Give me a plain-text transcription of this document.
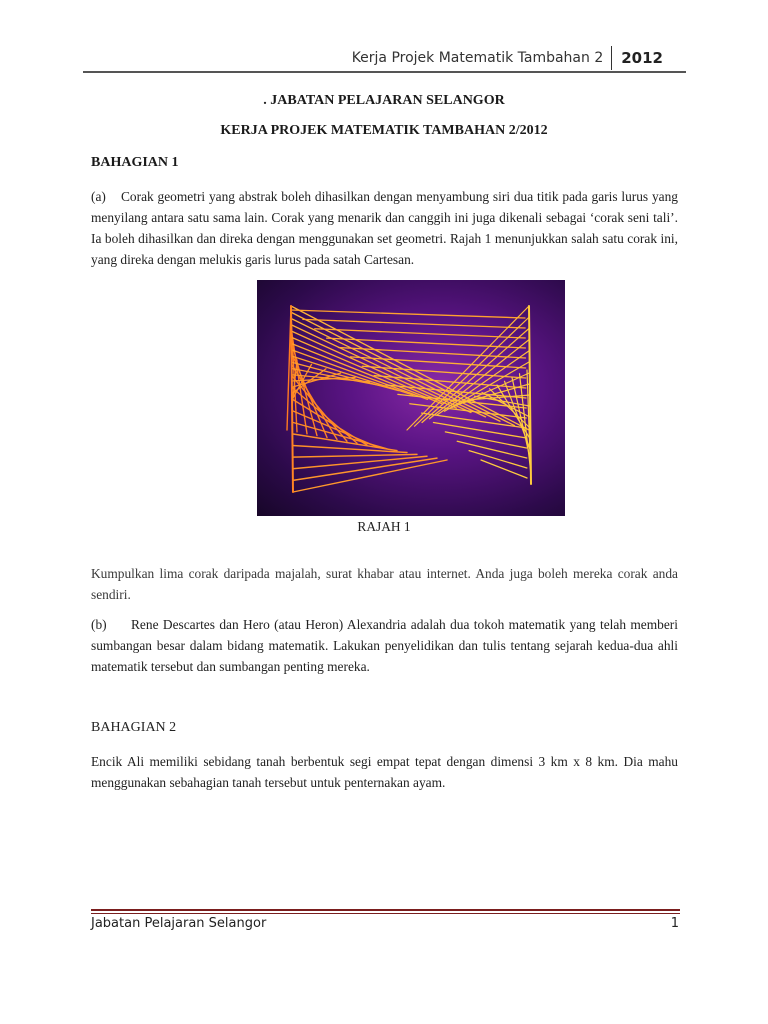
Kerja Projek Matematik Tambahan 2 2012
. JABATAN PELAJARAN SELANGOR
KERJA PROJEK MATEMATIK TAMBAHAN 2/2012
BAHAGIAN 1
(a) Corak geometri yang abstrak boleh dihasilkan dengan menyambung siri dua titik pada garis lurus yang menyilang antara satu sama lain. Corak yang menarik dan canggih ini juga dikenali sebagai ‘corak seni tali’. Ia boleh dihasilkan dan direka dengan menggunakan set geometri. Rajah 1 menunjukkan salah satu corak ini, yang direka dengan melukis garis lurus pada satah Cartesan.
RAJAH 1
Kumpulkan lima corak daripada majalah, surat khabar atau internet. Anda juga boleh mereka corak anda sendiri.
(b) Rene Descartes dan Hero (atau Heron) Alexandria adalah dua tokoh matematik yang telah memberi sumbangan besar dalam bidang matematik. Lakukan penyelidikan dan tulis tentang sejarah kedua-dua ahli matematik tersebut dan sumbangan penting mereka.
BAHAGIAN 2
Encik Ali memiliki sebidang tanah berbentuk segi empat tepat dengan dimensi 3 km x 8 km. Dia mahu menggunakan sebahagian tanah tersebut untuk penternakan ayam.
Jabatan Pelajaran Selangor	1
